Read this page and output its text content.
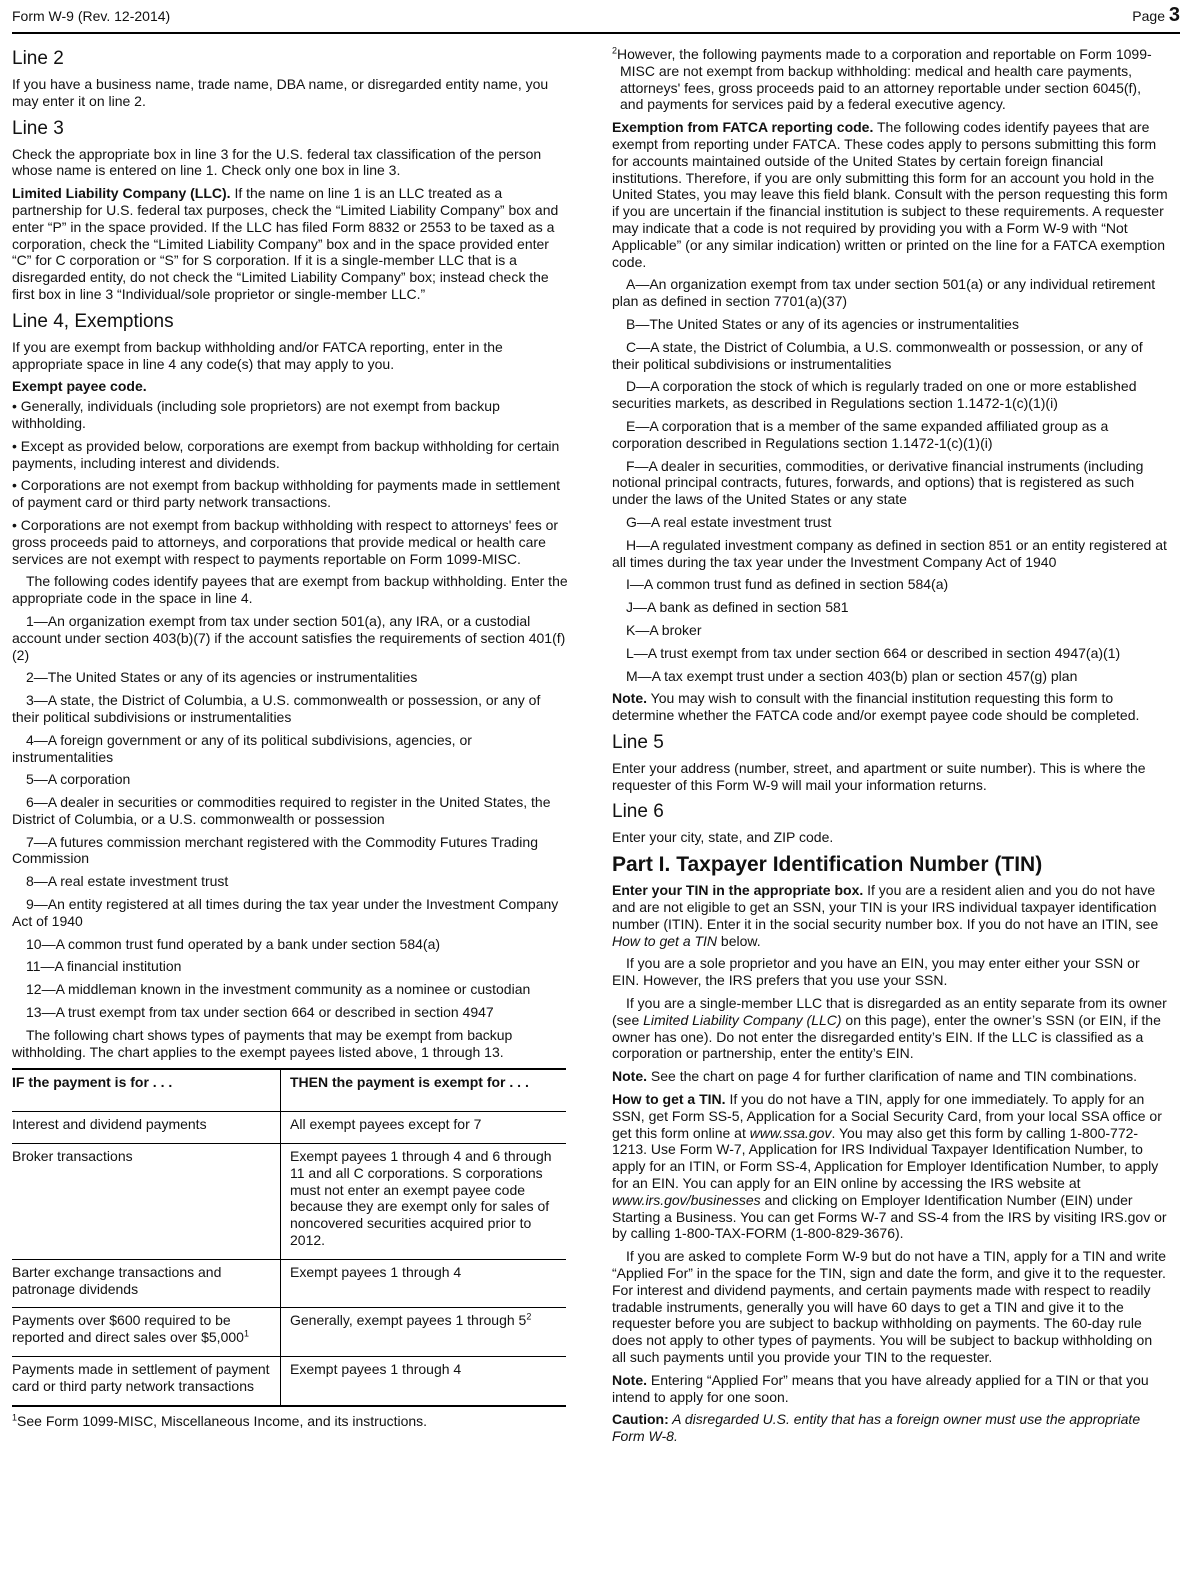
Form W-9 (Rev. 12-2014)	Page 3
Line 2

If you have a business name, trade name, DBA name, or disregarded entity name, you may enter it on line 2.

Line 3

Check the appropriate box in line 3 for the U.S. federal tax classification of the person whose name is entered on line 1. Check only one box in line 3.

Limited Liability Company (LLC). If the name on line 1 is an LLC treated as a partnership for U.S. federal tax purposes, check the “Limited Liability Company” box and enter “P” in the space provided. If the LLC has filed Form 8832 or 2553 to be taxed as a corporation, check the “Limited Liability Company” box and in the space provided enter “C” for C corporation or “S” for S corporation. If it is a single-member LLC that is a disregarded entity, do not check the “Limited Liability Company” box; instead check the first box in line 3 “Individual/sole proprietor or single-member LLC.”

Line 4, Exemptions

If you are exempt from backup withholding and/or FATCA reporting, enter in the appropriate space in line 4 any code(s) that may apply to you.

Exempt payee code.

• Generally, individuals (including sole proprietors) are not exempt from backup withholding.
• Except as provided below, corporations are exempt from backup withholding for certain payments, including interest and dividends.
• Corporations are not exempt from backup withholding for payments made in settlement of payment card or third party network transactions.
• Corporations are not exempt from backup withholding with respect to attorneys' fees or gross proceeds paid to attorneys, and corporations that provide medical or health care services are not exempt with respect to payments reportable on Form 1099-MISC.

The following codes identify payees that are exempt from backup withholding. Enter the appropriate code in the space in line 4.

1—An organization exempt from tax under section 501(a), any IRA, or a custodial account under section 403(b)(7) if the account satisfies the requirements of section 401(f)(2)

2—The United States or any of its agencies or instrumentalities

3—A state, the District of Columbia, a U.S. commonwealth or possession, or any of their political subdivisions or instrumentalities

4—A foreign government or any of its political subdivisions, agencies, or instrumentalities

5—A corporation

6—A dealer in securities or commodities required to register in the United States, the District of Columbia, or a U.S. commonwealth or possession

7—A futures commission merchant registered with the Commodity Futures Trading Commission

8—A real estate investment trust

9—An entity registered at all times during the tax year under the Investment Company Act of 1940

10—A common trust fund operated by a bank under section 584(a)

11—A financial institution

12—A middleman known in the investment community as a nominee or custodian

13—A trust exempt from tax under section 664 or described in section 4947

The following chart shows types of payments that may be exempt from backup withholding. The chart applies to the exempt payees listed above, 1 through 13.

IF the payment is for . . .	THEN the payment is exempt for . . .
Interest and dividend payments	All exempt payees except for 7
Broker transactions	Exempt payees 1 through 4 and 6 through 11 and all C corporations. S corporations must not enter an exempt payee code because they are exempt only for sales of noncovered securities acquired prior to 2012.
Barter exchange transactions and patronage dividends	Exempt payees 1 through 4
Payments over $600 required to be reported and direct sales over $5,000$^1$	Generally, exempt payees 1 through $5^2$
Payments made in settlement of payment card or third party network transactions	Exempt payees 1 through 4
$^1$See Form 1099-MISC, Miscellaneous Income, and its instructions.

$^2$However, the following payments made to a corporation and reportable on Form 1099-MISC are not exempt from backup withholding: medical and health care payments, attorneys' fees, gross proceeds paid to an attorney reportable under section 6045(f), and payments for services paid by a federal executive agency.

Exemption from FATCA reporting code. The following codes identify payees that are exempt from reporting under FATCA. These codes apply to persons submitting this form for accounts maintained outside of the United States by certain foreign financial institutions. Therefore, if you are only submitting this form for an account you hold in the United States, you may leave this field blank. Consult with the person requesting this form if you are uncertain if the financial institution is subject to these requirements. A requester may indicate that a code is not required by providing you with a Form W-9 with “Not Applicable” (or any similar indication) written or printed on the line for a FATCA exemption code.

A—An organization exempt from tax under section 501(a) or any individual retirement plan as defined in section 7701(a)(37)

B—The United States or any of its agencies or instrumentalities

C—A state, the District of Columbia, a U.S. commonwealth or possession, or any of their political subdivisions or instrumentalities

D—A corporation the stock of which is regularly traded on one or more established securities markets, as described in Regulations section 1.1472-1(c)(1)(i)

E—A corporation that is a member of the same expanded affiliated group as a corporation described in Regulations section 1.1472-1(c)(1)(i)

F—A dealer in securities, commodities, or derivative financial instruments (including notional principal contracts, futures, forwards, and options) that is registered as such under the laws of the United States or any state

G—A real estate investment trust

H—A regulated investment company as defined in section 851 or an entity registered at all times during the tax year under the Investment Company Act of 1940

I—A common trust fund as defined in section 584(a)

J—A bank as defined in section 581

K—A broker

L—A trust exempt from tax under section 664 or described in section 4947(a)(1)

M—A tax exempt trust under a section 403(b) plan or section 457(g) plan

Note. You may wish to consult with the financial institution requesting this form to determine whether the FATCA code and/or exempt payee code should be completed.

Line 5

Enter your address (number, street, and apartment or suite number). This is where the requester of this Form W-9 will mail your information returns.

Line 6

Enter your city, state, and ZIP code.

Part I. Taxpayer Identification Number (TIN)

Enter your TIN in the appropriate box. If you are a resident alien and you do not have and are not eligible to get an SSN, your TIN is your IRS individual taxpayer identification number (ITIN). Enter it in the social security number box. If you do not have an ITIN, see How to get a TIN below.

If you are a sole proprietor and you have an EIN, you may enter either your SSN or EIN. However, the IRS prefers that you use your SSN.

If you are a single-member LLC that is disregarded as an entity separate from its owner (see Limited Liability Company (LLC) on this page), enter the owner’s SSN (or EIN, if the owner has one). Do not enter the disregarded entity’s EIN. If the LLC is classified as a corporation or partnership, enter the entity’s EIN.

Note. See the chart on page 4 for further clarification of name and TIN combinations.

How to get a TIN. If you do not have a TIN, apply for one immediately. To apply for an SSN, get Form SS-5, Application for a Social Security Card, from your local SSA office or get this form online at www.ssa.gov. You may also get this form by calling 1-800-772-1213. Use Form W-7, Application for IRS Individual Taxpayer Identification Number, to apply for an ITIN, or Form SS-4, Application for Employer Identification Number, to apply for an EIN. You can apply for an EIN online by accessing the IRS website at www.irs.gov/businesses and clicking on Employer Identification Number (EIN) under Starting a Business. You can get Forms W-7 and SS-4 from the IRS by visiting IRS.gov or by calling 1-800-TAX-FORM (1-800-829-3676).

If you are asked to complete Form W-9 but do not have a TIN, apply for a TIN and write “Applied For” in the space for the TIN, sign and date the form, and give it to the requester. For interest and dividend payments, and certain payments made with respect to readily tradable instruments, generally you will have 60 days to get a TIN and give it to the requester before you are subject to backup withholding on payments. The 60-day rule does not apply to other types of payments. You will be subject to backup withholding on all such payments until you provide your TIN to the requester.

Note. Entering “Applied For” means that you have already applied for a TIN or that you intend to apply for one soon.

Caution: A disregarded U.S. entity that has a foreign owner must use the appropriate Form W-8.
